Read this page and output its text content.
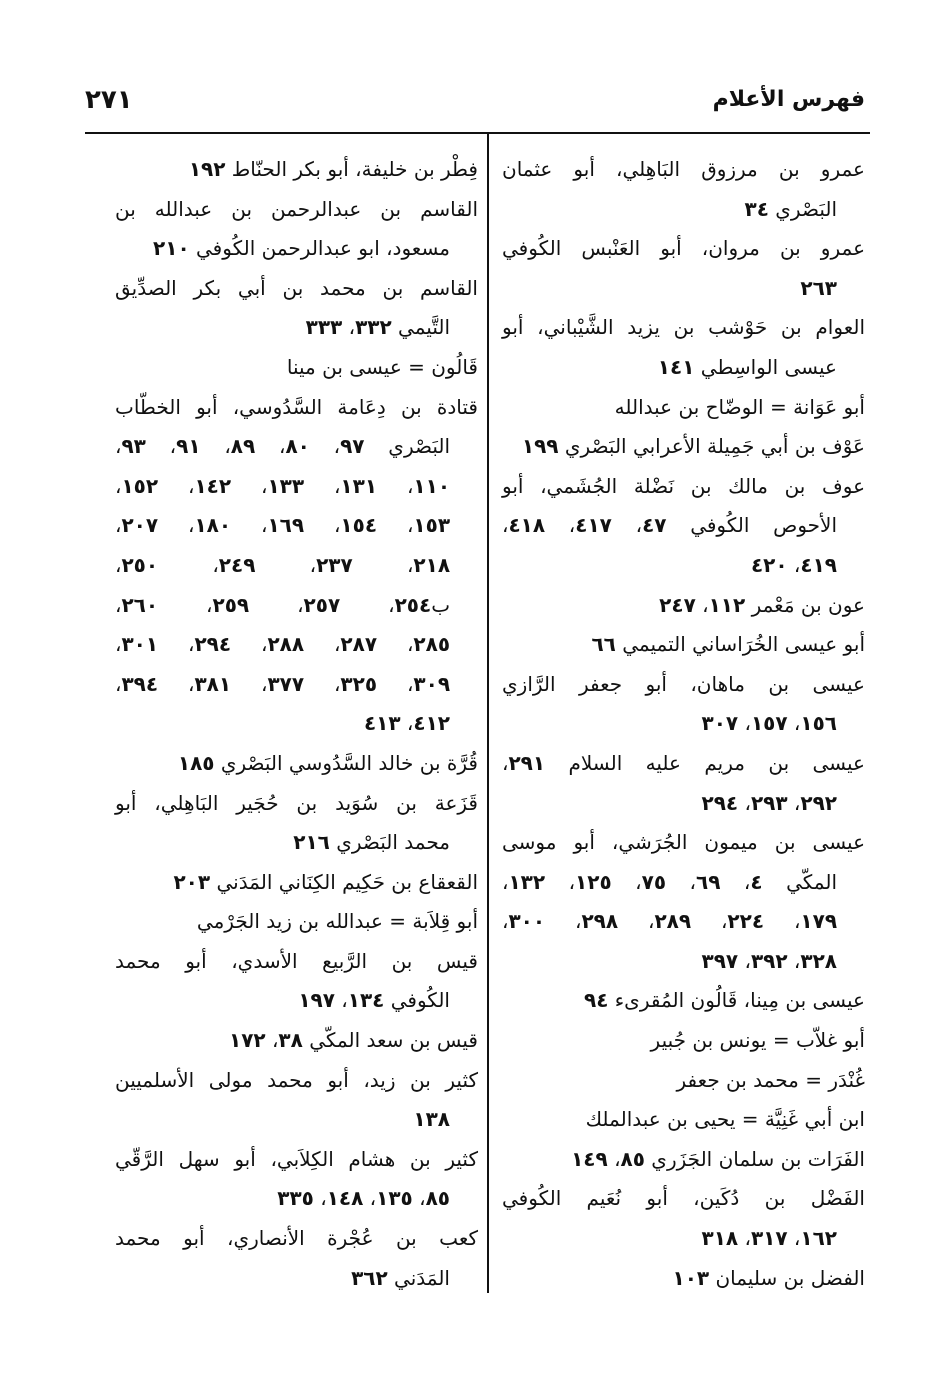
فهرس الأعلام
٢٧١
عمرو بن مرزوق البَاهِلي، أبو عثمان
البَصْري ٣٤
عمرو بن مروان، أبو العَنْبس الكُوفي
٢٦٣
العوام بن حَوْشب بن يزيد الشَّيْباني، أبو
عيسى الواسِطي ١٤١
أبو عَوَانة = الوضّاح بن عبدالله
عَوْف بن أبي جَمِيلة الأعرابي البَصْري ١٩٩
عوف بن مالك بن نَضْلة الجُشَمي، أبو
الأحوص الكُوفي ٤٧، ٤١٧، ٤١٨،
٤١٩، ٤٢٠
عون بن مَعْمر ١١٢، ٢٤٧
أبو عيسى الخُرَاساني التميمي ٦٦
عيسى بن ماهان، أبو جعفر الرَّازي
١٥٦، ١٥٧، ٣٠٧
عيسى بن مريم عليه السلام ٢٩١،
٢٩٢، ٢٩٣، ٢٩٤
عيسى بن ميمون الجُرَشي، أبو موسى
المكّي ٤، ٦٩، ٧٥، ١٢٥، ١٣٢،
١٧٩، ٢٢٤، ٢٨٩، ٢٩٨، ٣٠٠،
٣٢٨، ٣٩٢، ٣٩٧
عيسى بن مِينا، قَالُون المُقرىء ٩٤
أبو غلاّب = يونس بن جُبير
غُنْدَر = محمد بن جعفر
ابن أبي غَنِيَّة = يحيى بن عبدالملك
الفَرَات بن سلمان الجَزَري ٨٥، ١٤٩
الفَضْل بن دُكَين، أبو نُعَيم الكُوفي
١٦٢، ٣١٧، ٣١٨
الفضل بن سليمان ١٠٣
فِطْر بن خليفة، أبو بكر الحنّاط ١٩٢
القاسم بن عبدالرحمن بن عبدالله بن
مسعود، ابو عبدالرحمن الكُوفي ٢١٠
القاسم بن محمد بن أبي بكر الصدِّيق
التَّيمي ٣٣٢، ٣٣٣
قَالُون = عيسى بن مينا
قتادة بن دِعَامة السَّدُوسي، أبو الخطّاب
البَصْري ٩٧، ٨٠، ٨٩، ٩١، ٩٣،
١١٠، ١٣١، ١٣٣، ١٤٢، ١٥٢،
١٥٣، ١٥٤، ١٦٩، ١٨٠، ٢٠٧،
٢١٨، ٢٣٧، ٢٤٩، ٢٥٠،
ب٢٥٤، ٢٥٧، ٢٥٩، ٢٦٠،
٢٨٥، ٢٨٧، ٢٨٨، ٢٩٤، ٣٠١،
٣٠٩، ٣٢٥، ٣٧٧، ٣٨١، ٣٩٤،
٤١٢، ٤١٣
قُرَّة بن خالد السَّدُوسي البَصْري ١٨٥
قَزَعة بن سُوَيد بن حُجَير البَاهِلي، أبو
محمد البَصْري ٢١٦
القعقاع بن حَكِيم الكِنَاني المَدَني ٢٠٣
أبو قِلاَبة = عبدالله بن زيد الجَرْمي
قيس بن الرَّبيع الأسدي، أبو محمد
الكُوفي ١٣٤، ١٩٧
قيس بن سعد المكّي ٣٨، ١٧٢
كثير بن زيد، أبو محمد مولى الأسلميين
١٣٨
كثير بن هشام الكِلاَبي، أبو سهل الرَّقّي
٨٥، ١٣٥، ١٤٨، ٣٣٥
كعب بن عُجْرة الأنصاري، أبو محمد
المَدَني ٣٦٢
